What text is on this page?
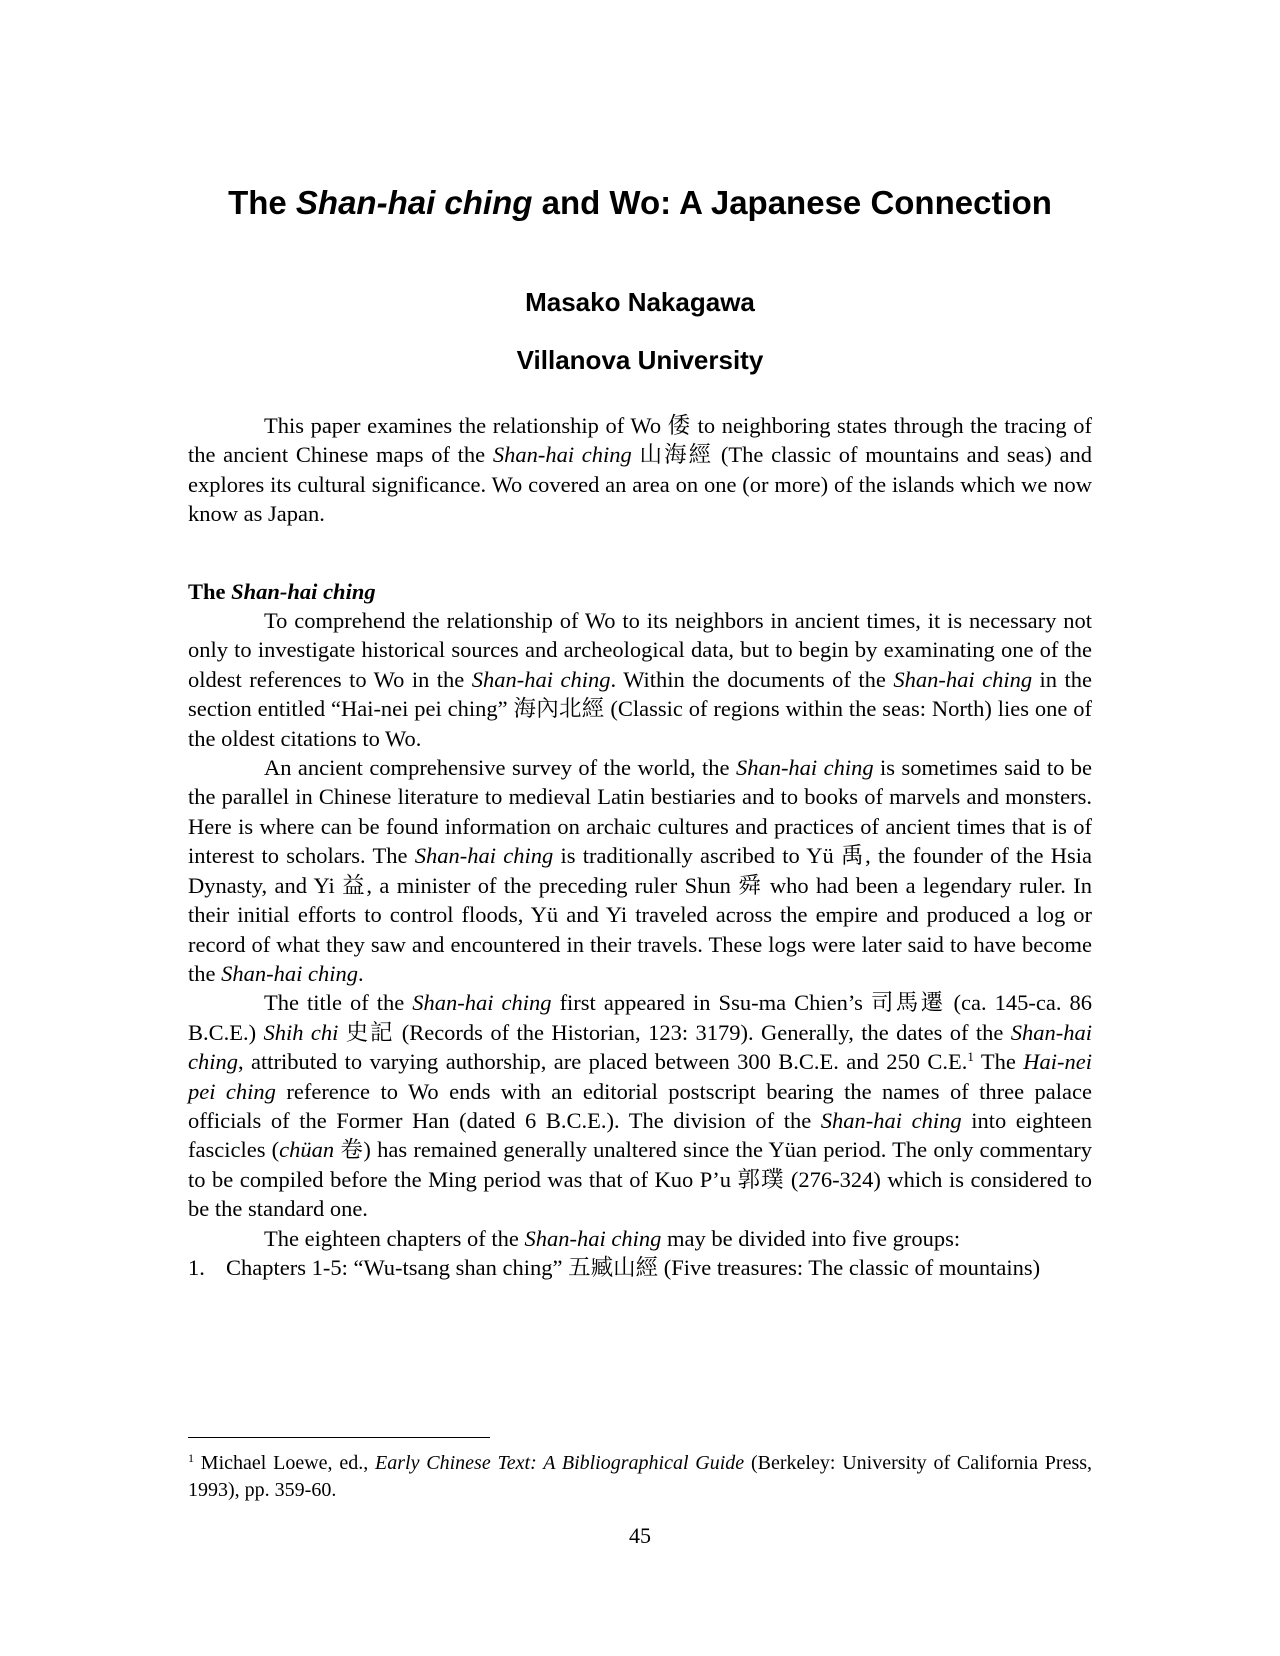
The Shan-hai ching and Wo: A Japanese Connection
Masako Nakagawa
Villanova University

This paper examines the relationship of Wo 倭 to neighboring states through the tracing of the ancient Chinese maps of the Shan-hai ching 山海經 (The classic of mountains and seas) and explores its cultural significance. Wo covered an area on one (or more) of the islands which we now know as Japan.

The Shan-hai ching

To comprehend the relationship of Wo to its neighbors in ancient times, it is necessary not only to investigate historical sources and archeological data, but to begin by examinating one of the oldest references to Wo in the Shan-hai ching. Within the documents of the Shan-hai ching in the section entitled “Hai-nei pei ching” 海內北經 (Classic of regions within the seas: North) lies one of the oldest citations to Wo.

An ancient comprehensive survey of the world, the Shan-hai ching is sometimes said to be the parallel in Chinese literature to medieval Latin bestiaries and to books of marvels and monsters. Here is where can be found information on archaic cultures and practices of ancient times that is of interest to scholars. The Shan-hai ching is traditionally ascribed to Yü 禹, the founder of the Hsia Dynasty, and Yi 益, a minister of the preceding ruler Shun 舜 who had been a legendary ruler. In their initial efforts to control floods, Yü and Yi traveled across the empire and produced a log or record of what they saw and encountered in their travels. These logs were later said to have become the Shan-hai ching.

The title of the Shan-hai ching first appeared in Ssu-ma Chien’s 司馬遷 (ca. 145-ca. 86 B.C.E.) Shih chi 史記 (Records of the Historian, 123: 3179). Generally, the dates of the Shan-hai ching, attributed to varying authorship, are placed between 300 B.C.E. and 250 C.E.$^1$ The Hai-nei pei ching reference to Wo ends with an editorial postscript bearing the names of three palace officials of the Former Han (dated 6 B.C.E.). The division of the Shan-hai ching into eighteen fascicles (chüan 卷) has remained generally unaltered since the Yüan period. The only commentary to be compiled before the Ming period was that of Kuo P’u 郭璞 (276-324) which is considered to be the standard one.

The eighteen chapters of the Shan-hai ching may be divided into five groups:

1. Chapters 1-5: “Wu-tsang shan ching” 五臧山經 (Five treasures: The classic of mountains)
$^1$ Michael Loewe, ed., Early Chinese Text: A Bibliographical Guide (Berkeley: University of California Press, 1993), pp. 359-60.
45
